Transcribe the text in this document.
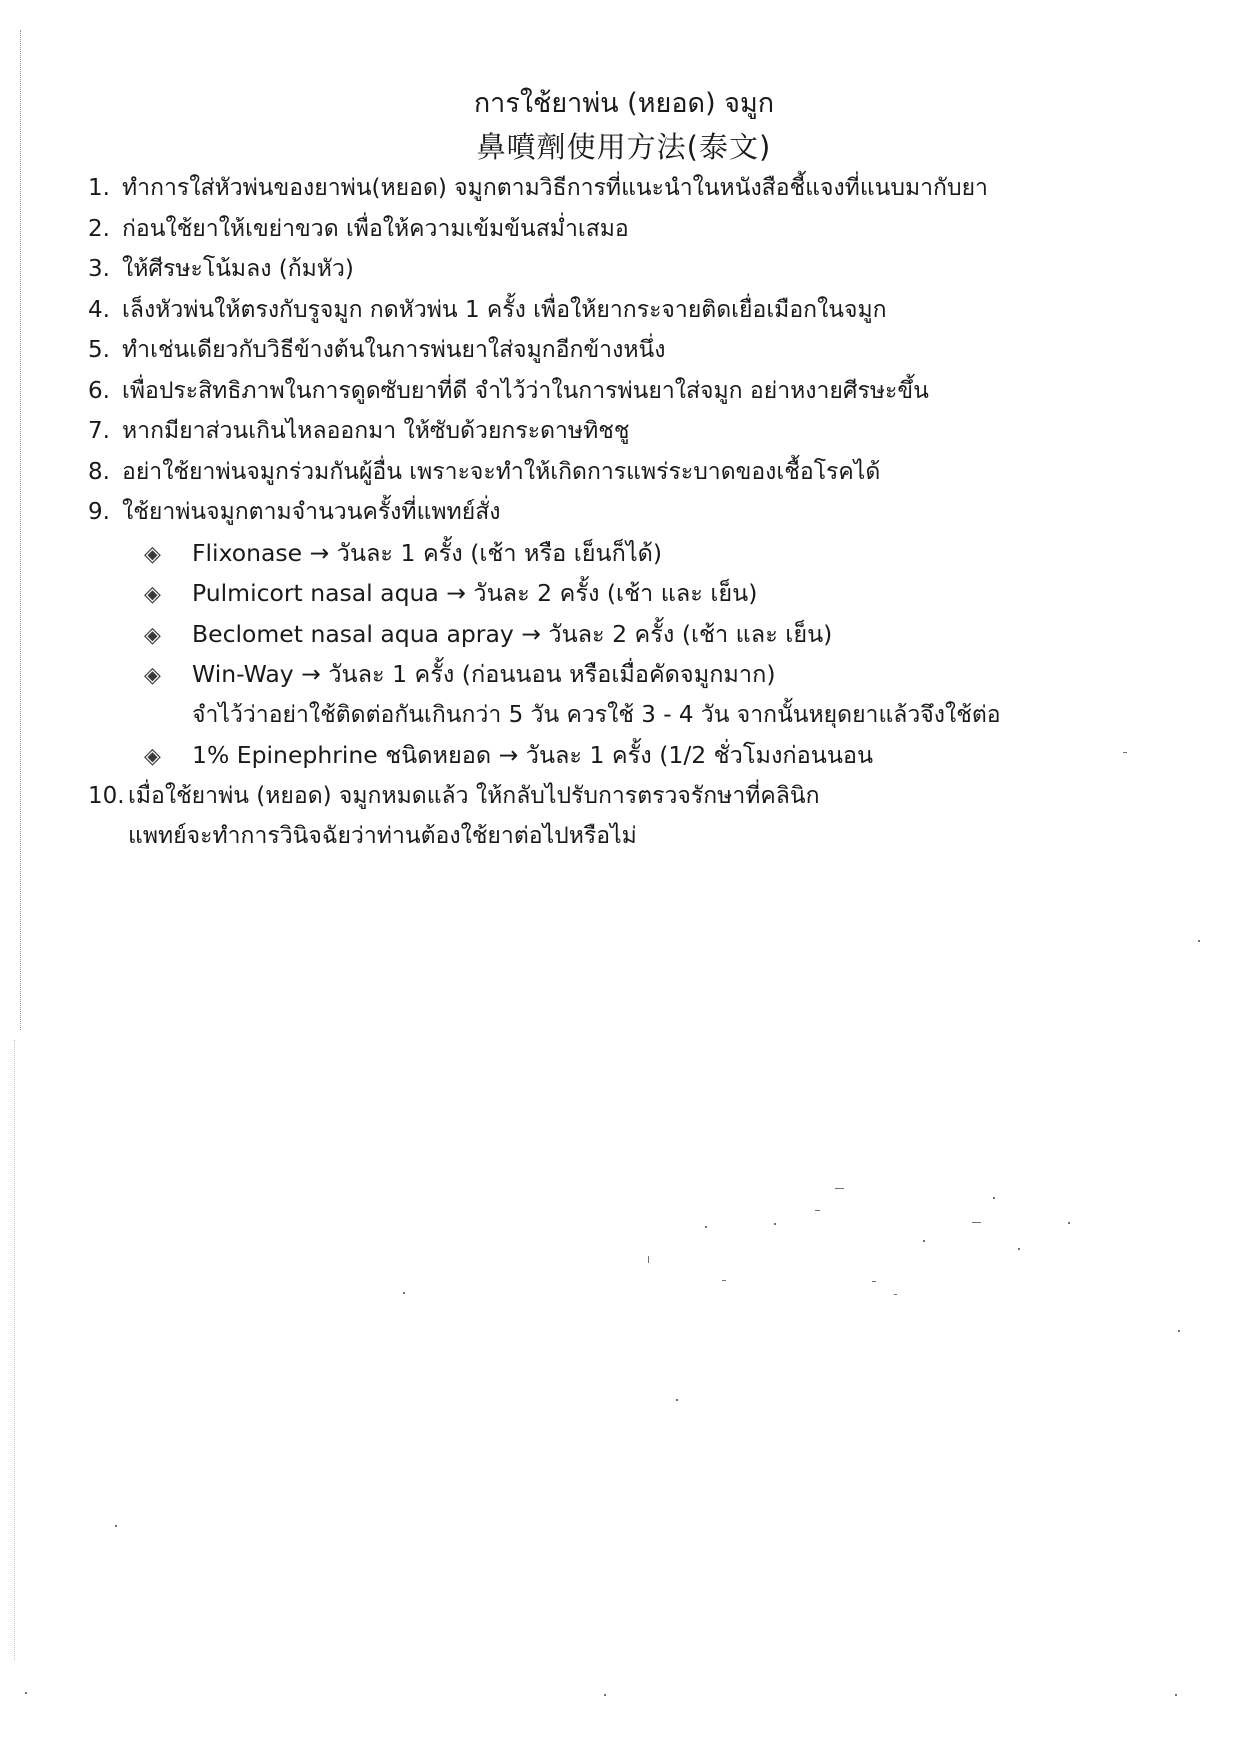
การใช้ยาพ่น (หยอด) จมูก
鼻噴劑使用方法(泰文)
1. ทำการใส่หัวพ่นของยาพ่น(หยอด) จมูกตามวิธีการที่แนะนำในหนังสือชี้แจงที่แนบมากับยา
2. ก่อนใช้ยาให้เขย่าขวด เพื่อให้ความเข้มข้นสม่ำเสมอ
3. ให้ศีรษะโน้มลง (ก้มหัว)
4. เล็งหัวพ่นให้ตรงกับรูจมูก กดหัวพ่น 1 ครั้ง เพื่อให้ยากระจายติดเยื่อเมือกในจมูก
5. ทำเช่นเดียวกับวิธีข้างต้นในการพ่นยาใส่จมูกอีกข้างหนึ่ง
6. เพื่อประสิทธิภาพในการดูดซับยาที่ดี จำไว้ว่าในการพ่นยาใส่จมูก อย่าหงายศีรษะขึ้น
7. หากมียาส่วนเกินไหลออกมา ให้ซับด้วยกระดาษทิชชู
8. อย่าใช้ยาพ่นจมูกร่วมกันผู้อื่น เพราะจะทำให้เกิดการแพร่ระบาดของเชื้อโรคได้
9. ใช้ยาพ่นจมูกตามจำนวนครั้งที่แพทย์สั่ง
◈ Flixonase → วันละ 1 ครั้ง (เช้า หรือ เย็นก็ได้)
◈ Pulmicort nasal aqua → วันละ 2 ครั้ง (เช้า และ เย็น)
◈ Beclomet nasal aqua apray → วันละ 2 ครั้ง (เช้า และ เย็น)
◈ Win-Way → วันละ 1 ครั้ง (ก่อนนอน หรือเมื่อคัดจมูกมาก)
จำไว้ว่าอย่าใช้ติดต่อกันเกินกว่า 5 วัน ควรใช้ 3 - 4 วัน จากนั้นหยุดยาแล้วจึงใช้ต่อ
◈ 1% Epinephrine ชนิดหยอด → วันละ 1 ครั้ง (1/2 ชั่วโมงก่อนนอน
10. เมื่อใช้ยาพ่น (หยอด) จมูกหมดแล้ว ให้กลับไปรับการตรวจรักษาที่คลินิก
แพทย์จะทำการวินิจฉัยว่าท่านต้องใช้ยาต่อไปหรือไม่
